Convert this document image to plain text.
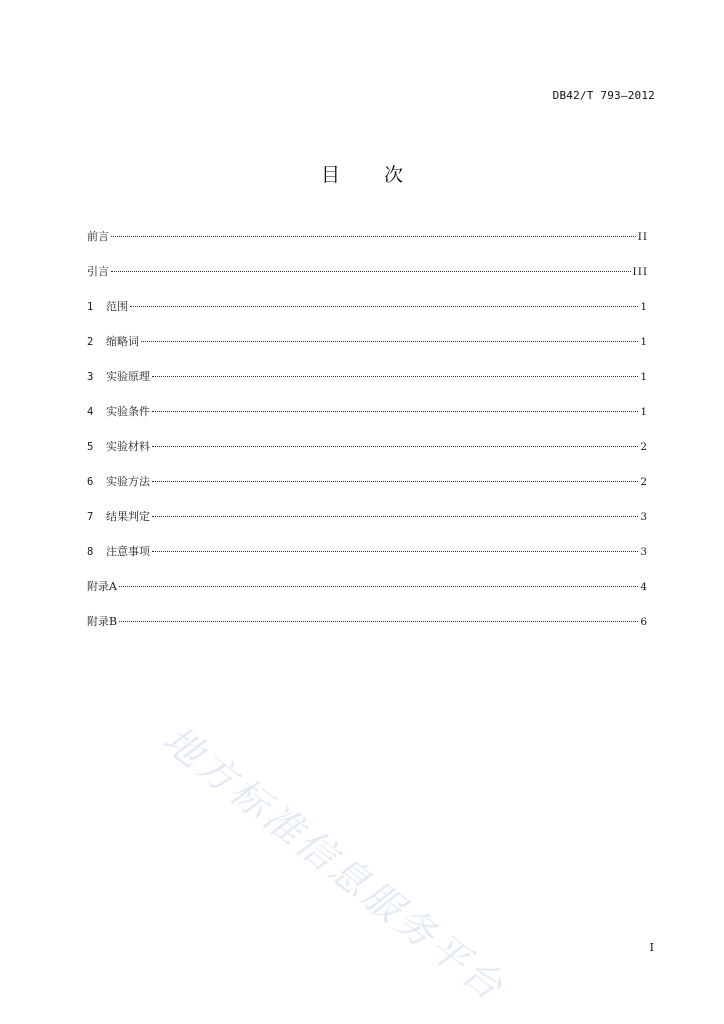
DB42/T 793—2012
目 次
前言	II
引言	III
1	范围	1
2	缩略词	1
3	实验原理	1
4	实验条件	1
5	实验材料	2
6	实验方法	2
7	结果判定	3
8	注意事项	3
附录A	4
附录B	6
地方标准信息服务平台	I
